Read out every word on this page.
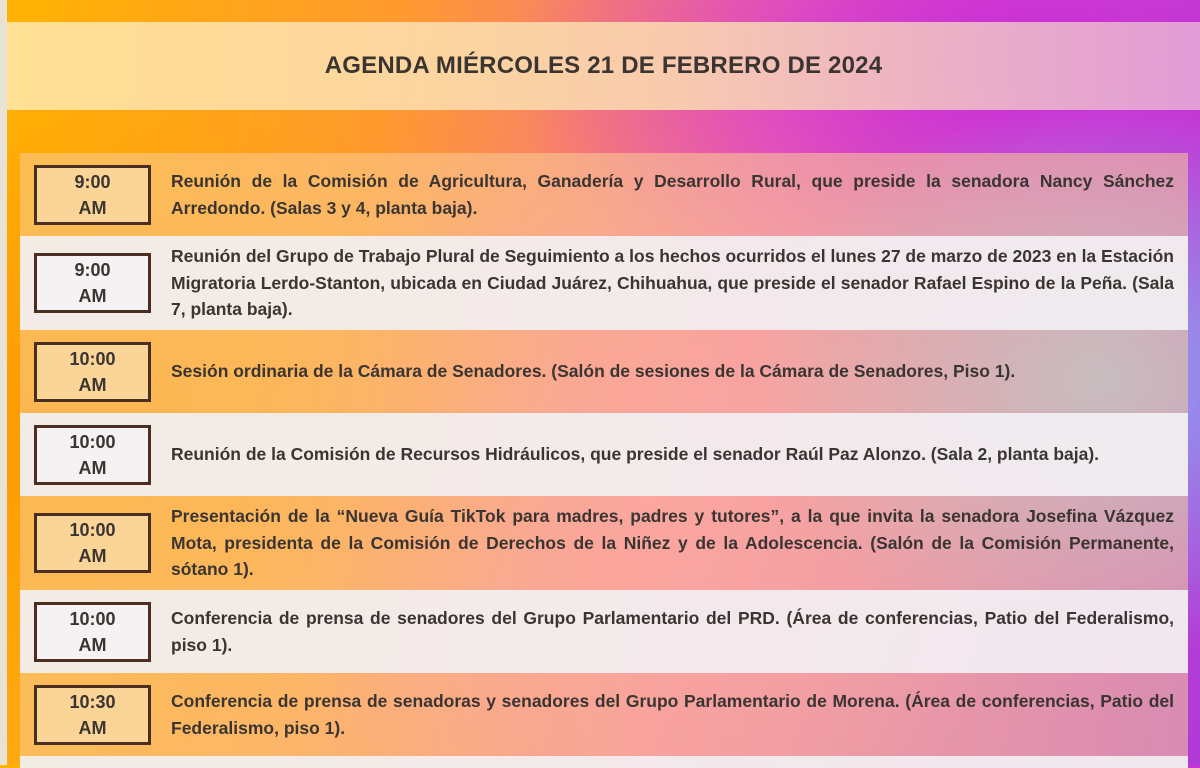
AGENDA MIÉRCOLES 21 DE FEBRERO DE 2024
9:00
AM
Reunión de la Comisión de Agricultura, Ganadería y Desarrollo Rural, que preside la senadora Nancy Sánchez Arredondo. (Salas 3 y 4, planta baja).
9:00
AM
Reunión del Grupo de Trabajo Plural de Seguimiento a los hechos ocurridos el lunes 27 de marzo de 2023 en la Estación Migratoria Lerdo-Stanton, ubicada en Ciudad Juárez, Chihuahua, que preside el senador Rafael Espino de la Peña. (Sala 7, planta baja).
10:00
AM
Sesión ordinaria de la Cámara de Senadores. (Salón de sesiones de la Cámara de Senadores, Piso 1).
10:00
AM
Reunión de la Comisión de Recursos Hidráulicos, que preside el senador Raúl Paz Alonzo. (Sala 2, planta baja).
10:00
AM
Presentación de la “Nueva Guía TikTok para madres, padres y tutores”, a la que invita la senadora Josefina Vázquez Mota, presidenta de la Comisión de Derechos de la Niñez y de la Adolescencia. (Salón de la Comisión Permanente, sótano 1).
10:00
AM
Conferencia de prensa de senadores del Grupo Parlamentario del PRD. (Área de conferencias, Patio del Federalismo, piso 1).
10:30
AM
Conferencia de prensa de senadoras y senadores del Grupo Parlamentario de Morena. (Área de conferencias, Patio del Federalismo, piso 1).
